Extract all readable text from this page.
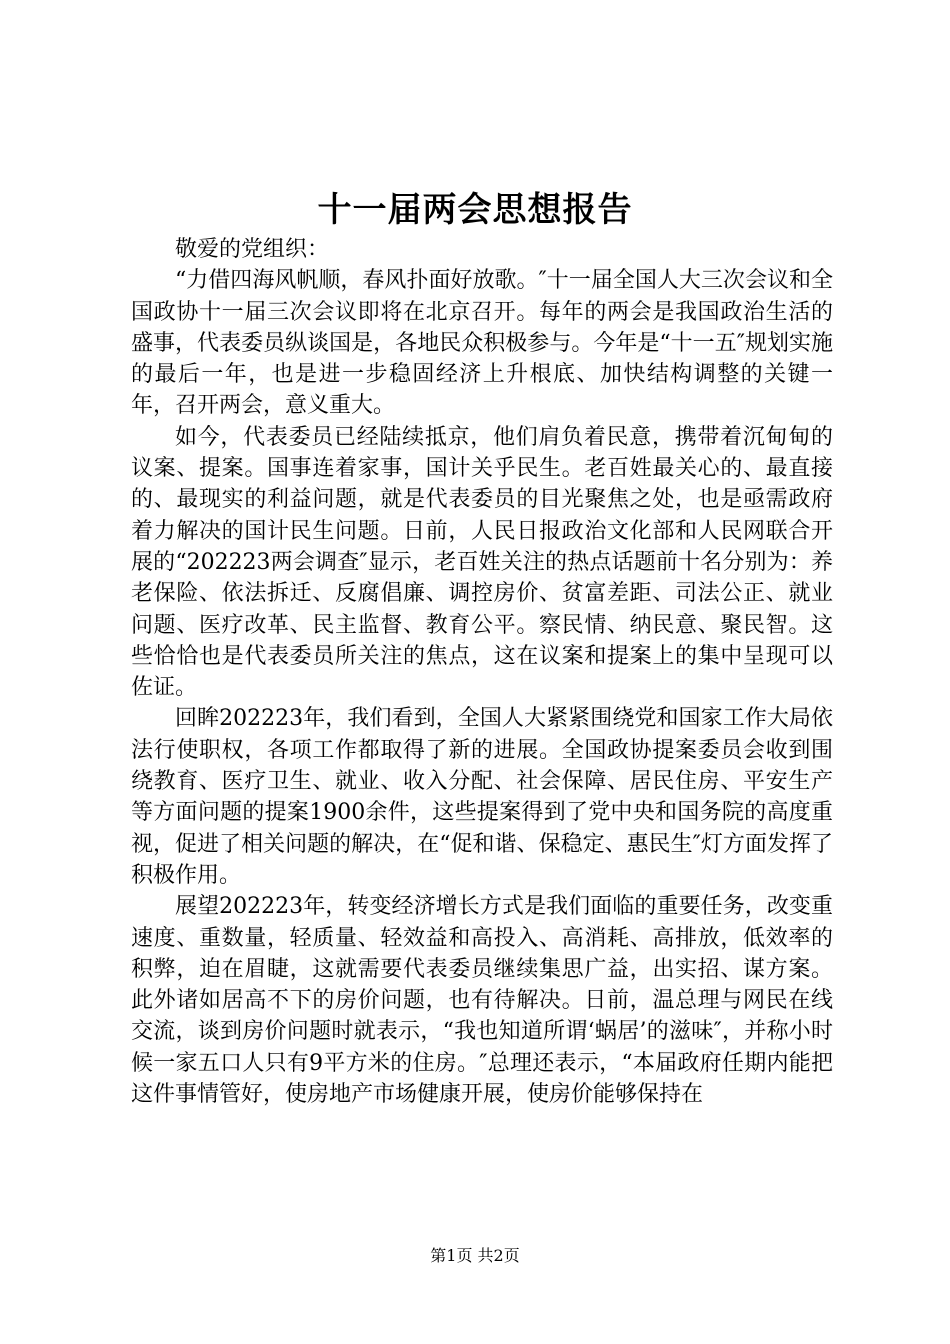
十一届两会思想报告

敬爱的党组织：

“力借四海风帆顺，春风扑面好放歌。″十一届全国人大三次会议和全国政协十一届三次会议即将在北京召开。每年的两会是我国政治生活的盛事，代表委员纵谈国是，各地民众积极参与。今年是“十一五″规划实施的最后一年，也是进一步稳固经济上升根底、加快结构调整的关键一年，召开两会，意义重大。

如今，代表委员已经陆续抵京，他们肩负着民意，携带着沉甸甸的议案、提案。国事连着家事，国计关乎民生。老百姓最关心的、最直接的、最现实的利益问题，就是代表委员的目光聚焦之处，也是亟需政府着力解决的国计民生问题。日前，人民日报政治文化部和人民网联合开展的“202223两会调查″显示，老百姓关注的热点话题前十名分别为：养老保险、依法拆迁、反腐倡廉、调控房价、贫富差距、司法公正、就业问题、医疗改革、民主监督、教育公平。察民情、纳民意、聚民智。这些恰恰也是代表委员所关注的焦点，这在议案和提案上的集中呈现可以佐证。

回眸202223年，我们看到，全国人大紧紧围绕党和国家工作大局依法行使职权，各项工作都取得了新的进展。全国政协提案委员会收到围绕教育、医疗卫生、就业、收入分配、社会保障、居民住房、平安生产等方面问题的提案1900余件，这些提案得到了党中央和国务院的高度重视，促进了相关问题的解决，在“促和谐、保稳定、惠民生″灯方面发挥了积极作用。

展望202223年，转变经济增长方式是我们面临的重要任务，改变重速度、重数量，轻质量、轻效益和高投入、高消耗、高排放，低效率的积弊，迫在眉睫，这就需要代表委员继续集思广益，出实招、谋方案。此外诸如居高不下的房价问题，也有待解决。日前，温总理与网民在线交流，谈到房价问题时就表示，“我也知道所谓‘蜗居’的滋味″，并称小时候一家五口人只有9平方米的住房。″总理还表示，“本届政府任期内能把这件事情管好，使房地产市场健康开展，使房价能够保持在

第1页 共2页
